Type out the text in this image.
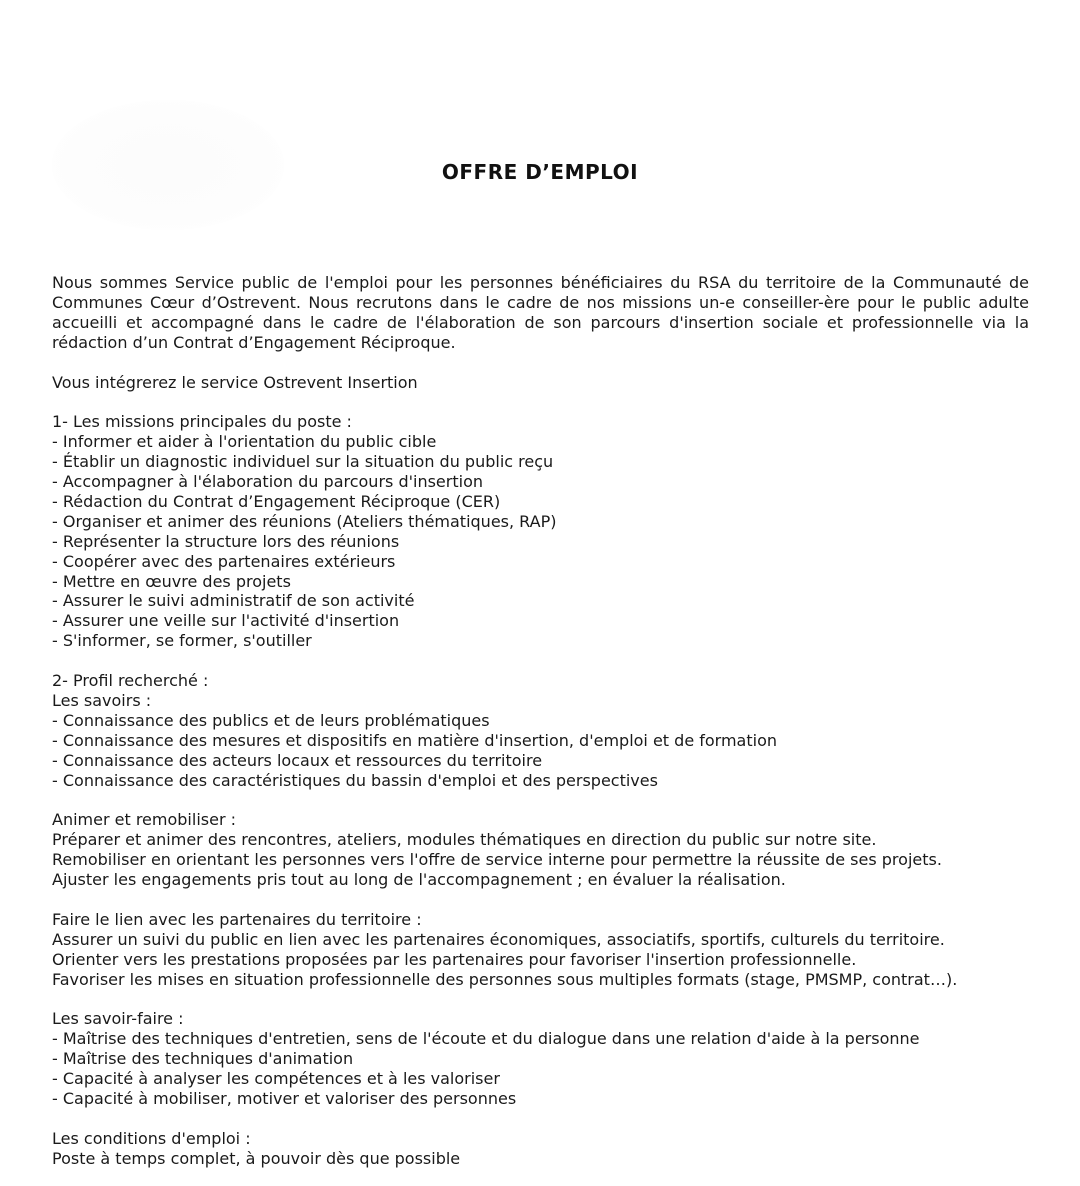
OFFRE D’EMPLOI

Nous sommes Service public de l'emploi pour les personnes bénéficiaires du RSA du territoire de la Communauté de Communes Cœur d’Ostrevent. Nous recrutons dans le cadre de nos missions un-e conseiller-ère pour le public adulte accueilli et accompagné dans le cadre de l'élaboration de son parcours d'insertion sociale et professionnelle via la rédaction d’un Contrat d’Engagement Réciproque.

Vous intégrerez le service Ostrevent Insertion
1- Les missions principales du poste :
- Informer et aider à l'orientation du public cible
- Établir un diagnostic individuel sur la situation du public reçu
- Accompagner à l'élaboration du parcours d'insertion
- Rédaction du Contrat d’Engagement Réciproque (CER)
- Organiser et animer des réunions (Ateliers thématiques, RAP)
- Représenter la structure lors des réunions
- Coopérer avec des partenaires extérieurs
- Mettre en œuvre des projets
- Assurer le suivi administratif de son activité
- Assurer une veille sur l'activité d'insertion
- S'informer, se former, s'outiller
2- Profil recherché :
Les savoirs :
- Connaissance des publics et de leurs problématiques
- Connaissance des mesures et dispositifs en matière d'insertion, d'emploi et de formation
- Connaissance des acteurs locaux et ressources du territoire
- Connaissance des caractéristiques du bassin d'emploi et des perspectives
Animer et remobiliser :
Préparer et animer des rencontres, ateliers, modules thématiques en direction du public sur notre site.
Remobiliser en orientant les personnes vers l'offre de service interne pour permettre la réussite de ses projets.
Ajuster les engagements pris tout au long de l'accompagnement ; en évaluer la réalisation.
Faire le lien avec les partenaires du territoire :
Assurer un suivi du public en lien avec les partenaires économiques, associatifs, sportifs, culturels du territoire.
Orienter vers les prestations proposées par les partenaires pour favoriser l'insertion professionnelle.
Favoriser les mises en situation professionnelle des personnes sous multiples formats (stage, PMSMP, contrat…).
Les savoir-faire :
- Maîtrise des techniques d'entretien, sens de l'écoute et du dialogue dans une relation d'aide à la personne
- Maîtrise des techniques d'animation
- Capacité à analyser les compétences et à les valoriser
- Capacité à mobiliser, motiver et valoriser des personnes
Les conditions d'emploi :
Poste à temps complet, à pouvoir dès que possible
